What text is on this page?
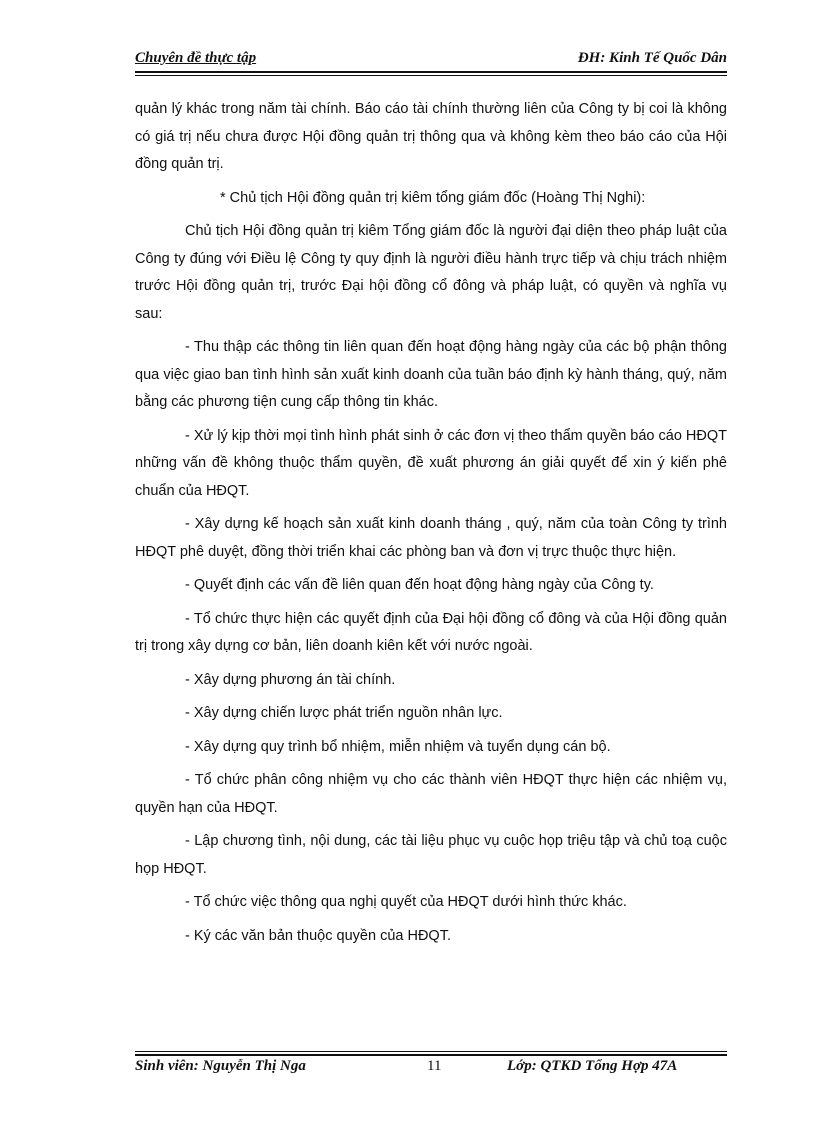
Chuyên đề thực tập	ĐH: Kinh Tế Quốc Dân

quản lý khác trong năm tài chính. Báo cáo tài chính thường liên của Công ty bị coi là không có giá trị nếu chưa được Hội đồng quản trị thông qua và không kèm theo báo cáo của Hội đồng quản trị.

* Chủ tịch Hội đồng quản trị kiêm tổng giám đốc (Hoàng Thị Nghi):

Chủ tịch Hội đồng quản trị kiêm Tổng giám đốc là người đại diện theo pháp luật của Công ty đúng với Điều lệ Công ty quy định là người điều hành trực tiếp và chịu trách nhiệm trước Hội đồng quản trị, trước Đại hội đồng cổ đông và pháp luật, có quyền và nghĩa vụ sau:

- Thu thập các thông tin liên quan đến hoạt động hàng ngày của các bộ phận thông qua việc giao ban tình hình sản xuất kinh doanh của tuần báo định kỳ hành tháng, quý, năm bằng các phương tiện cung cấp thông tin khác.

- Xử lý kịp thời mọi tình hình phát sinh ở các đơn vị theo thẩm quyền báo cáo HĐQT những vấn đề không thuộc thẩm quyền, đề xuất phương án giải quyết để xin ý kiến phê chuẩn của HĐQT.

- Xây dựng kế hoạch sản xuất kinh doanh tháng , quý, năm của toàn Công ty trình HĐQT phê duyệt, đồng thời triển khai các phòng ban và đơn vị trực thuộc thực hiện.

- Quyết định các vấn đề liên quan đến hoạt động hàng ngày của Công ty.

- Tổ chức thực hiện các quyết định của Đại hội đồng cổ đông và của Hội đồng quản trị trong xây dựng cơ bản, liên doanh kiên kết với nước ngoài.

- Xây dựng phương án tài chính.

- Xây dựng chiến lược phát triển nguồn nhân lực.

- Xây dựng quy trình bổ nhiệm, miễn nhiệm và tuyển dụng cán bộ.

- Tổ chức phân công nhiệm vụ cho các thành viên HĐQT thực hiện các nhiệm vụ, quyền hạn của HĐQT.

- Lập chương tình, nội dung, các tài liệu phục vụ cuộc họp triệu tập và chủ toạ cuộc họp HĐQT.

- Tổ chức việc thông qua nghị quyết của HĐQT dưới hình thức khác.

- Ký các văn bản thuộc quyền của HĐQT.

Sinh viên: Nguyễn Thị Nga	11	Lớp: QTKD Tổng Hợp 47A
